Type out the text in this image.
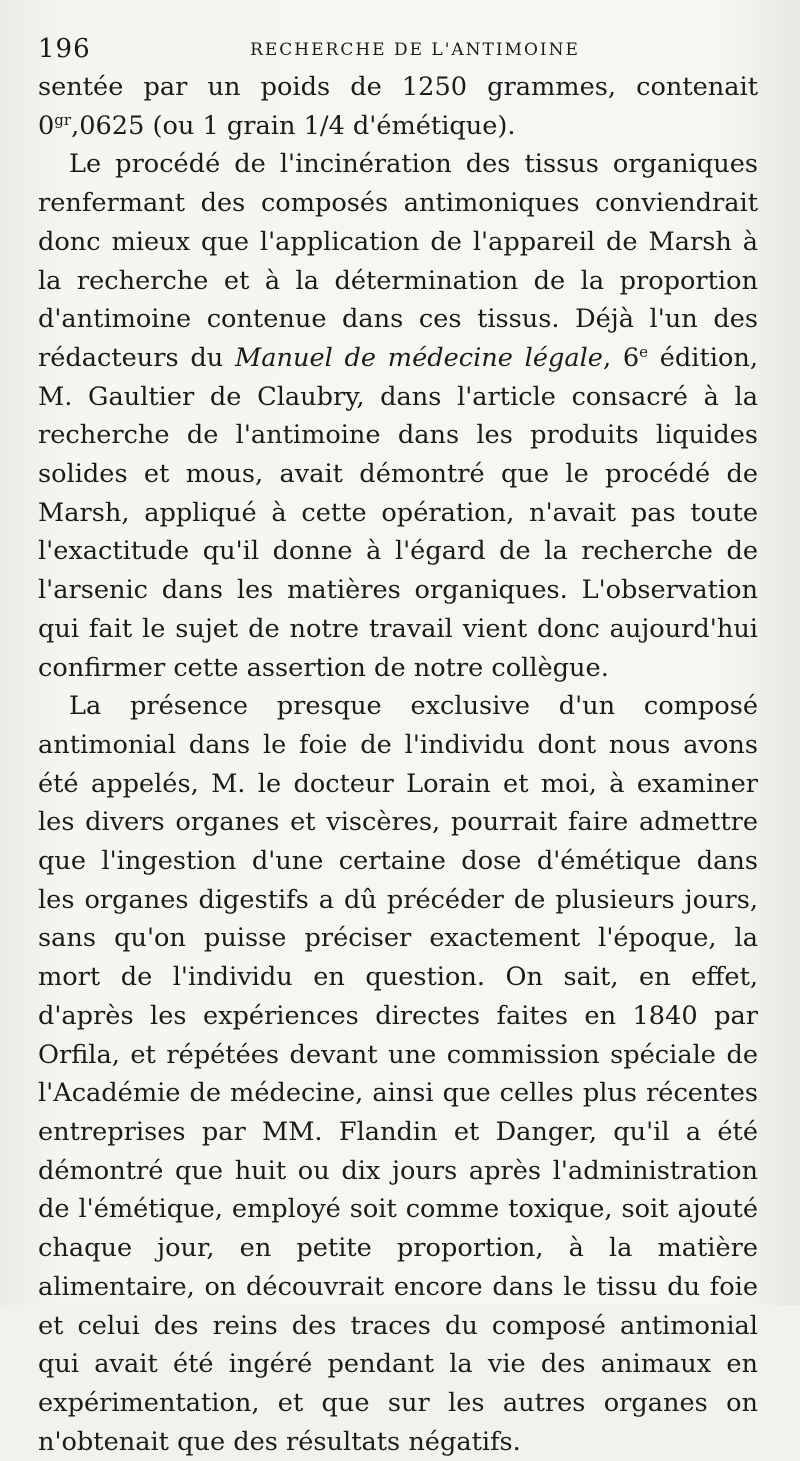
196	RECHERCHE DE L'ANTIMOINE

sentée par un poids de 1250 grammes, contenait $0^{gr},0625$ (ou 1 grain 1/4 d'émétique).

Le procédé de l'incinération des tissus organiques renfermant des composés antimoniques conviendrait donc mieux que l'application de l'appareil de Marsh à la recherche et à la détermination de la proportion d'antimoine contenue dans ces tissus. Déjà l'un des rédacteurs du Manuel de médecine légale, 6e édition, M. Gaultier de Claubry, dans l'article consacré à la recherche de l'antimoine dans les produits liquides solides et mous, avait démontré que le procédé de Marsh, appliqué à cette opération, n'avait pas toute l'exactitude qu'il donne à l'égard de la recherche de l'arsenic dans les matières organiques. L'observation qui fait le sujet de notre travail vient donc aujourd'hui confirmer cette assertion de notre collègue.

La présence presque exclusive d'un composé antimonial dans le foie de l'individu dont nous avons été appelés, M. le docteur Lorain et moi, à examiner les divers organes et viscères, pourrait faire admettre que l'ingestion d'une certaine dose d'émétique dans les organes digestifs a dû précéder de plusieurs jours, sans qu'on puisse préciser exactement l'époque, la mort de l'individu en question. On sait, en effet, d'après les expériences directes faites en 1840 par Orfila, et répétées devant une commission spéciale de l'Académie de médecine, ainsi que celles plus récentes entreprises par MM. Flandin et Danger, qu'il a été démontré que huit ou dix jours après l'administration de l'émétique, employé soit comme toxique, soit ajouté chaque jour, en petite proportion, à la matière alimentaire, on découvrait encore dans le tissu du foie et celui des reins des traces du composé antimonial qui avait été ingéré pendant la vie des animaux en expérimentation, et que sur les autres organes on n'obtenait que des résultats négatifs.
